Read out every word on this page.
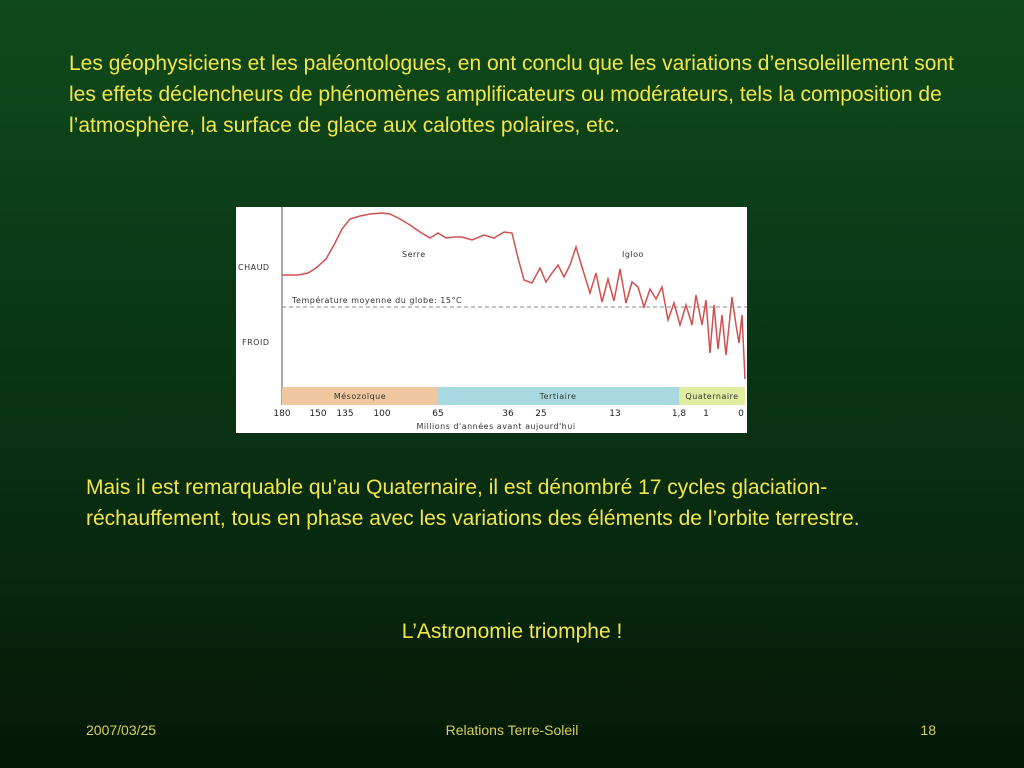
Les géophysiciens et les paléontologues, en ont conclu que les variations d’ensoleillement sont les effets déclencheurs de phénomènes amplificateurs ou modérateurs, tels la composition de l’atmosphère, la surface de glace aux calottes polaires, etc.

CHAUD
FROID
Température moyenne du globe: 15°C
Serre	Igloo
Mésozoïque	Tertiaire	Quaternaire
180 150 135 100	65	36 25	13	1,8 1	0
Millions d'années avant aujourd'hui

Mais il est remarquable qu’au Quaternaire, il est dénombré 17 cycles glaciation-réchauffement, tous en phase avec les variations des éléments de l’orbite terrestre.

L’Astronomie triomphe !

2007/03/25	Relations Terre-Soleil	18
